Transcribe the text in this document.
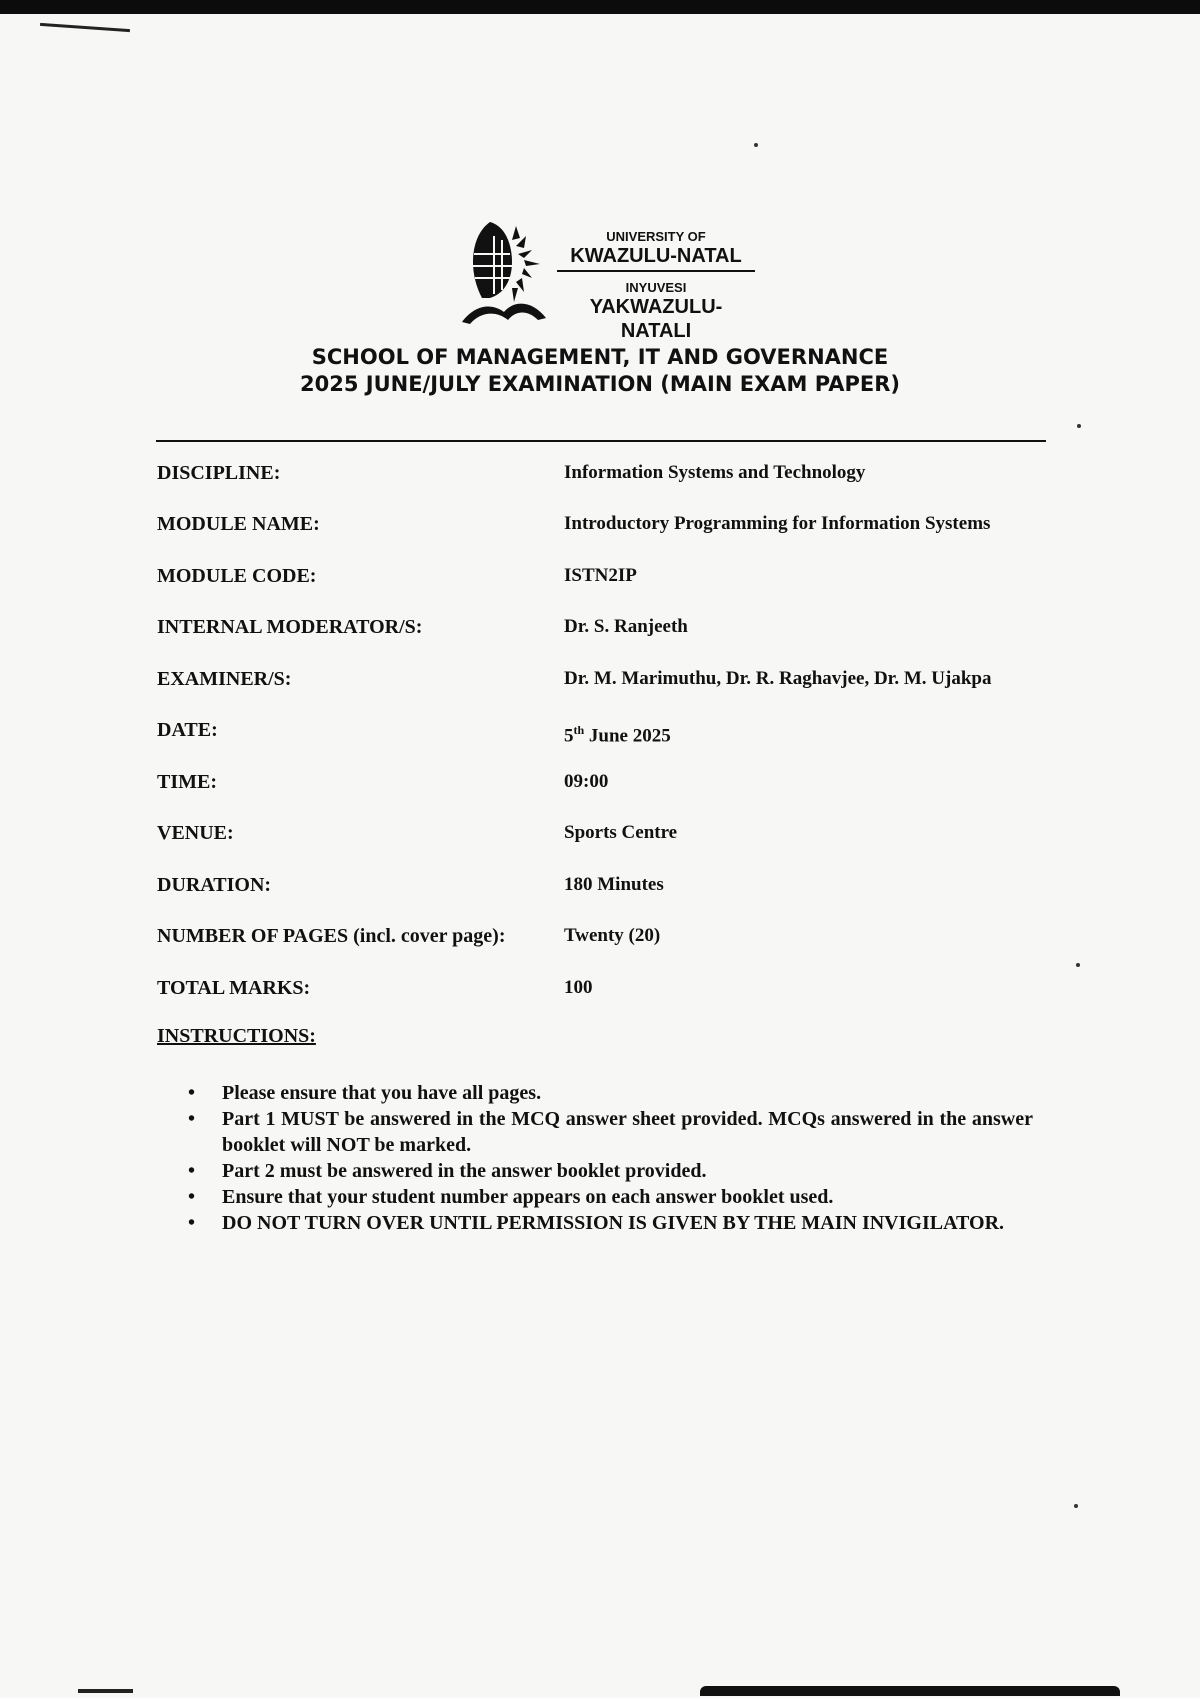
UNIVERSITY OF
KWAZULU-NATAL
INYUVESI
YAKWAZULU-NATALI
SCHOOL OF MANAGEMENT, IT AND GOVERNANCE
2025 JUNE/JULY EXAMINATION (MAIN EXAM PAPER)
DISCIPLINE:	Information Systems and Technology
MODULE NAME:	Introductory Programming for Information Systems
MODULE CODE:	ISTN2IP
INTERNAL MODERATOR/S:	Dr. S. Ranjeeth
EXAMINER/S:	Dr. M. Marimuthu, Dr. R. Raghavjee, Dr. M. Ujakpa
DATE:	5th June 2025
TIME:	09:00
VENUE:	Sports Centre
DURATION:	180 Minutes
NUMBER OF PAGES (incl. cover page):	Twenty (20)
TOTAL MARKS:	100
INSTRUCTIONS:
• Please ensure that you have all pages.
• Part 1 MUST be answered in the MCQ answer sheet provided. MCQs answered in the answer booklet will NOT be marked.
• Part 2 must be answered in the answer booklet provided.
• Ensure that your student number appears on each answer booklet used.
• DO NOT TURN OVER UNTIL PERMISSION IS GIVEN BY THE MAIN INVIGILATOR.
